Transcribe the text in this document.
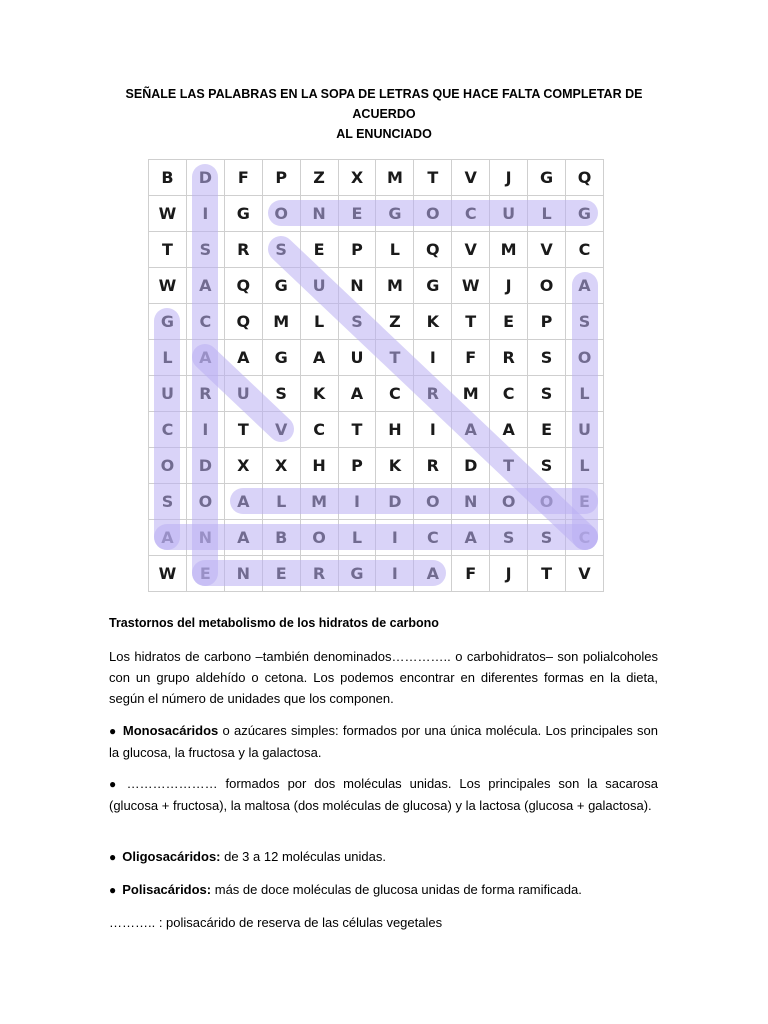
SEÑALE LAS PALABRAS EN LA SOPA DE LETRAS QUE HACE FALTA COMPLETAR DE ACUERDO
AL ENUNCIADO
B	D	F	P	Z	X	M	T	V	J	G	Q
W	I	G	O	N	E	G	O	C	U	L	G
T	S	R	S	E	P	L	Q	V	M	V	C
W	A	Q	G	U	N	M	G	W	J	O	A
G	C	Q	M	L	S	Z	K	T	E	P	S
L	A	A	G	A	U	T	I	F	R	S	O
U	R	U	S	K	A	C	R	M	C	S	L
C	I	T	V	C	T	H	I	A	A	E	U
O	D	X	X	H	P	K	R	D	T	S	L
S	O	A	L	M	I	D	O	N	O	O	E
A	N	A	B	O	L	I	C	A	S	S	C
W	E	N	E	R	G	I	A	F	J	T	V
Trastornos del metabolismo de los hidratos de carbono
Los hidratos de carbono –también denominados………….. o carbohidratos– son polialcoholes con un grupo aldehído o cetona. Los podemos encontrar en diferentes formas en la dieta, según el número de unidades que los componen.
● Monosacáridos o azúcares simples: formados por una única molécula. Los principales son la glucosa, la fructosa y la galactosa.
● ………………… formados por dos moléculas unidas. Los principales son la sacarosa (glucosa + fructosa), la maltosa (dos moléculas de glucosa) y la lactosa (glucosa + galactosa).
● Oligosacáridos: de 3 a 12 moléculas unidas.
● Polisacáridos: más de doce moléculas de glucosa unidas de forma ramificada.
……….. : polisacárido de reserva de las células vegetales
